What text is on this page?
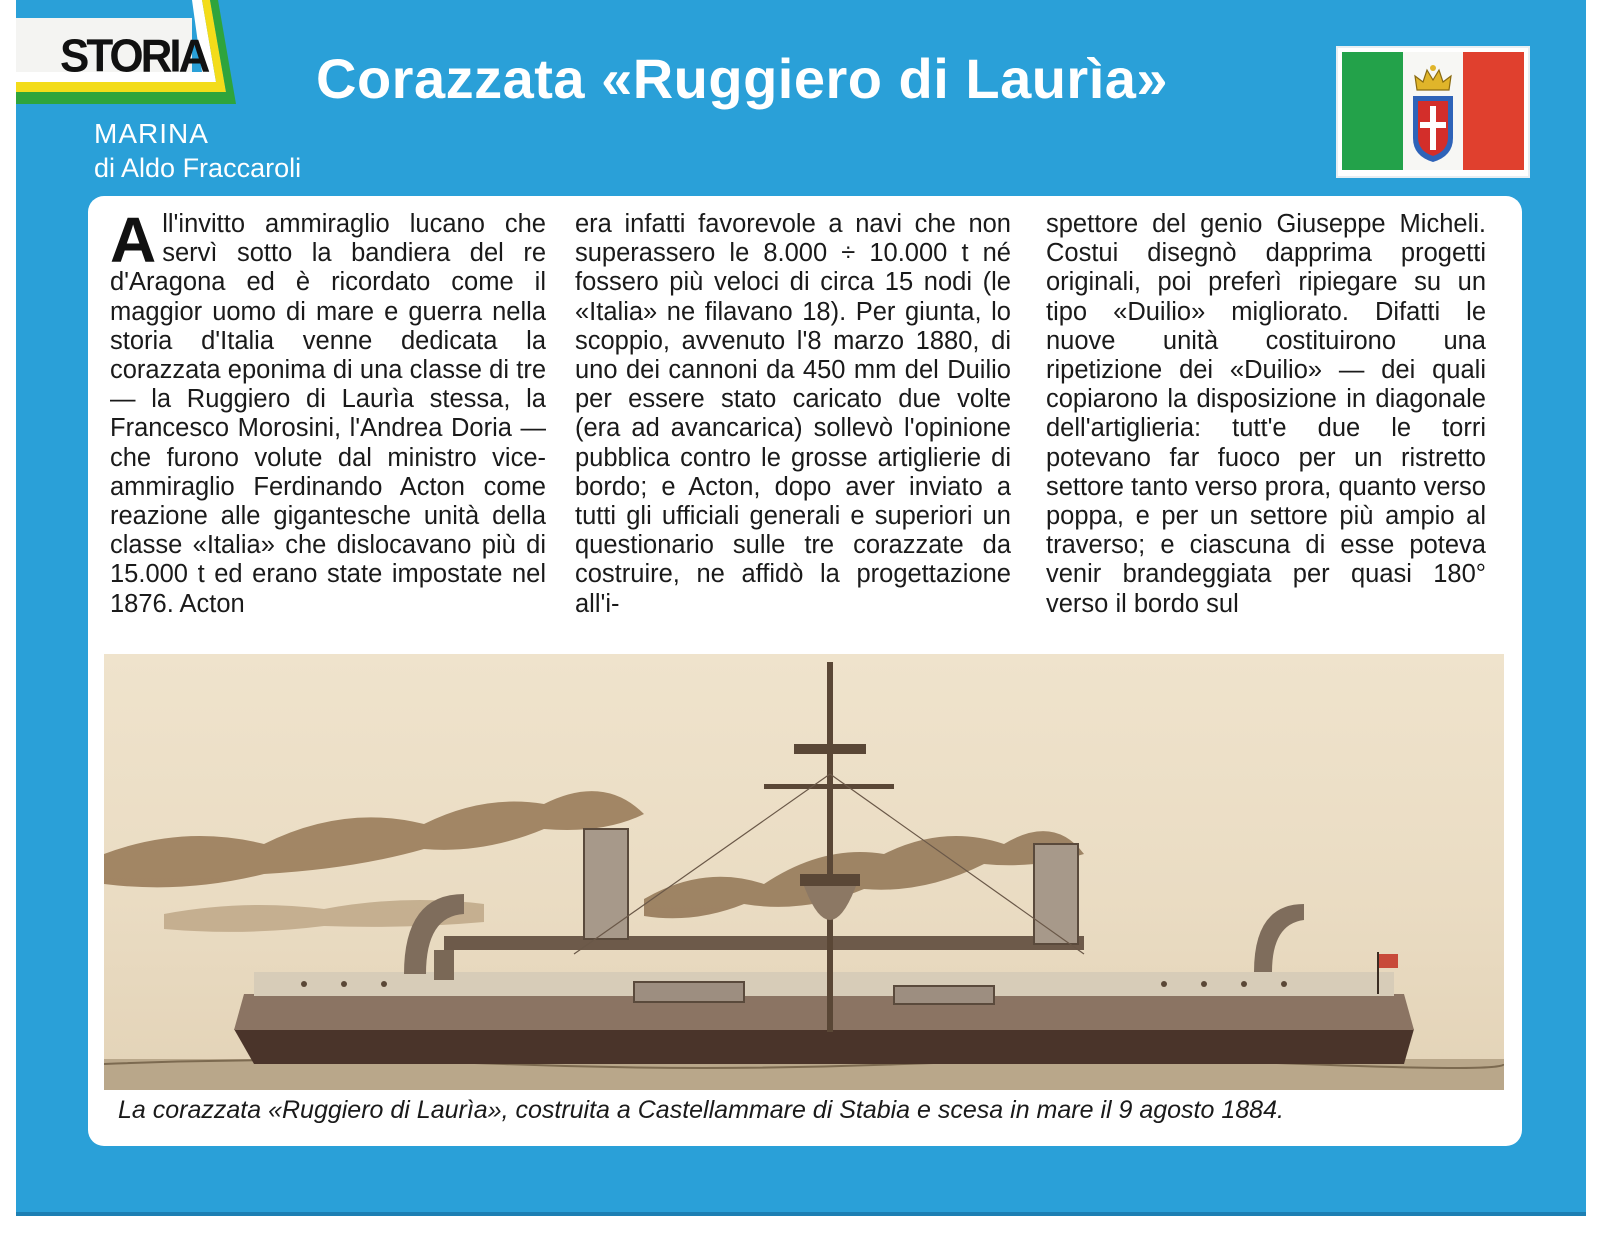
STORIA
MARINA
di Aldo Fraccaroli
Corazzata «Ruggiero di Laurìa»
All'invitto ammiraglio lucano che servì sotto la bandiera del re d'Aragona ed è ricordato come il maggior uomo di mare e guerra nella storia d'Italia venne dedicata la corazzata eponima di una classe di tre — la Ruggiero di Laurìa stessa, la Francesco Morosini, l'Andrea Doria — che furono volute dal ministro vice-ammiraglio Ferdinando Acton come reazione alle gigantesche unità della classe «Italia» che dislocavano più di 15.000 t ed erano state impostate nel 1876. Acton
era infatti favorevole a navi che non superassero le 8.000 ÷ 10.000 t né fossero più veloci di circa 15 nodi (le «Italia» ne filavano 18). Per giunta, lo scoppio, avvenuto l'8 marzo 1880, di uno dei cannoni da 450 mm del Duilio per essere stato caricato due volte (era ad avancarica) sollevò l'opinione pubblica contro le grosse artiglierie di bordo; e Acton, dopo aver inviato a tutti gli ufficiali generali e superiori un questionario sulle tre corazzate da costruire, ne affidò la progettazione all'i-
spettore del genio Giuseppe Micheli. Costui disegnò dapprima progetti originali, poi preferì ripiegare su un tipo «Duilio» migliorato. Difatti le nuove unità costituirono una ripetizione dei «Duilio» — dei quali copiarono la disposizione in diagonale dell'artiglieria: tutt'e due le torri potevano far fuoco per un ristretto settore tanto verso prora, quanto verso poppa, e per un settore più ampio al traverso; e ciascuna di esse poteva venir brandeggiata per quasi 180° verso il bordo sul
La corazzata «Ruggiero di Laurìa», costruita a Castellammare di Stabia e scesa in mare il 9 agosto 1884.
